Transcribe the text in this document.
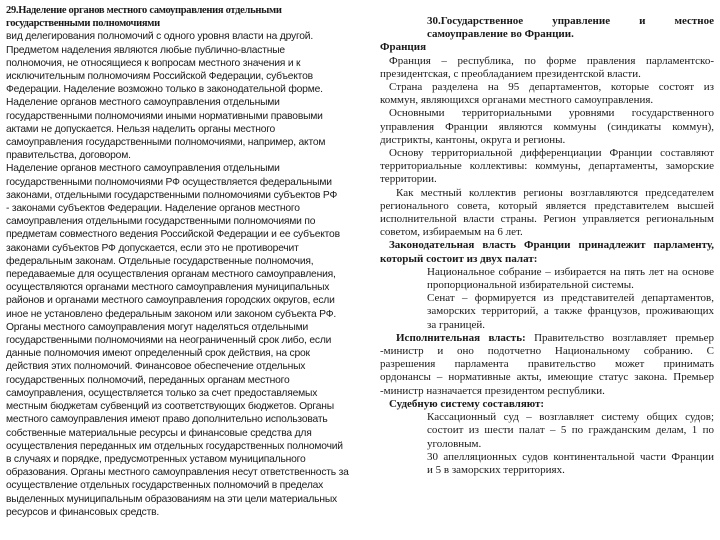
29.Наделение органов местного самоуправления отдельными
государственными полномочиями
вид делегирования полномочий с одного уровня власти на другой.
Предметом наделения являются любые публично-властные
полномочия, не относящиеся к вопросам местного значения и к
исключительным полномочиям Российской Федерации, субъектов
Федерации. Наделение возможно только в законодательной форме.
Наделение органов местного самоуправления отдельными
государственными полномочиями иными нормативными правовыми
актами не допускается. Нельзя наделить органы местного
самоуправления государственными полномочиями, например, актом
правительства, договором.
Наделение органов местного самоуправления отдельными
государственными полномочиями РФ осуществляется федеральными
законами, отдельными государственными полномочиями субъектов РФ
- законами субъектов Федерации. Наделение органов местного
самоуправления отдельными государственными полномочиями по
предметам совместного ведения Российской Федерации и ее субъектов
законами субъектов РФ допускается, если это не противоречит
федеральным законам. Отдельные государственные полномочия,
передаваемые для осуществления органам местного самоуправления,
осуществляются органами местного самоуправления муниципальных
районов и органами местного самоуправления городских округов, если
иное не установлено федеральным законом или законом субъекта РФ.
Органы местного самоуправления могут наделяться отдельными
государственными полномочиями на неограниченный срок либо, если
данные полномочия имеют определенный срок действия, на срок
действия этих полномочий. Финансовое обеспечение отдельных
государственных полномочий, переданных органам местного
самоуправления, осуществляется только за счет предоставляемых
местным бюджетам субвенций из соответствующих бюджетов. Органы
местного самоуправления имеют право дополнительно использовать
собственные материальные ресурсы и финансовые средства для
осуществления переданных им отдельных государственных полномочий
в случаях и порядке, предусмотренных уставом муниципального
образования. Органы местного самоуправления несут ответственность за
осуществление отдельных государственных полномочий в пределах
выделенных муниципальным образованиям на эти цели материальных
ресурсов и финансовых средств.
30.Государственное управление и местное
самоуправление во Франции.
Франция
Франция – республика, по форме правления парламентско-
президентская, с преобладанием президентской власти.
Страна разделена на 95 департаментов, которые состоят из
коммун, являющихся органами местного самоуправления.
Основными территориальными уровнями государственного
управления Франции являются коммуны (синдикаты коммун),
дистрикты, кантоны, округа и регионы.
Основу территориальной дифференциации Франции составляют
территориальные коллективы: коммуны, департаменты, заморские
территории.
Как местный коллектив регионы возглавляются председателем
регионального совета, который является представителем высшей
исполнительной власти страны. Регион управляется региональным
советом, избираемым на 6 лет.
Законодательная власть Франции принадлежит парламенту,
который состоит из двух палат:
Национальное собрание – избирается на пять лет на основе
пропорциональной избирательной системы.
Сенат – формируется из представителей департаментов,
заморских территорий, а также французов, проживающих
за границей.
Исполнительная власть: Правительство возглавляет премьер
-министр и оно подотчетно Национальному собранию. С
разрешения парламента правительство может принимать
ордонансы – нормативные акты, имеющие статус закона. Премьер
-министр назначается президентом республики.
Судебную систему составляют:
Кассационный суд – возглавляет систему общих судов;
состоит из шести палат – 5 по гражданским делам, 1 по
уголовным.
30 апелляционных судов континентальной части Франции
и 5 в заморских территориях.
